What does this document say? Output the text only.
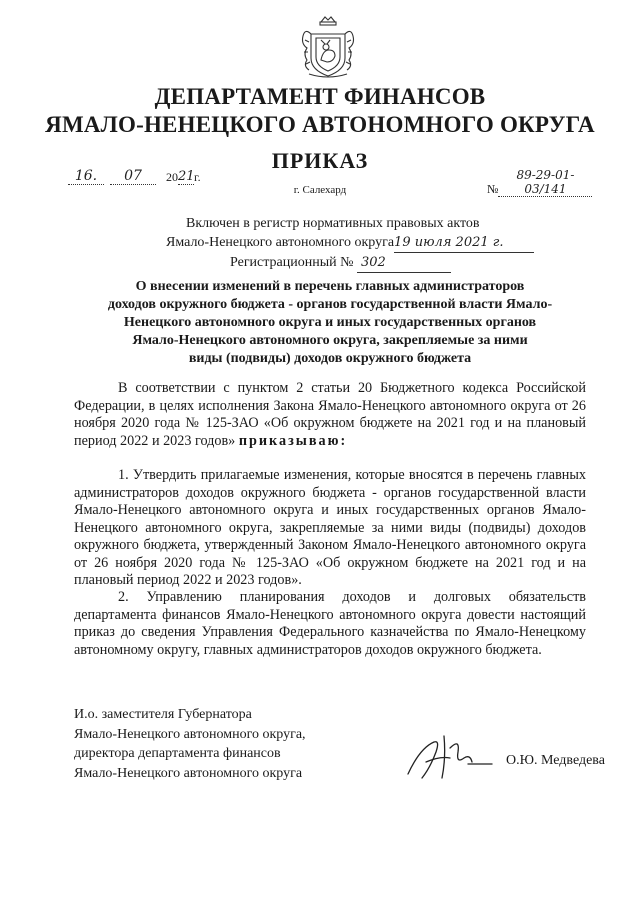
ДЕПАРТАМЕНТ ФИНАНСОВ
ЯМАЛО-НЕНЕЦКОГО АВТОНОМНОГО ОКРУГА
ПРИКАЗ
16.	07	20 21 г.
№
89-29-01-03/141
г. Салехард
Включен в регистр нормативных правовых актов
Ямало-Ненецкого автономного округа19 июля 2021 г.
Регистрационный № 302
О внесении изменений в перечень главных администраторов
доходов окружного бюджета - органов государственной власти Ямало-
Ненецкого автономного округа и иных государственных органов
Ямало-Ненецкого автономного округа, закрепляемые за ними
виды (подвиды) доходов окружного бюджета
В соответствии с пунктом 2 статьи 20 Бюджетного кодекса Российской Федерации, в целях исполнения Закона Ямало-Ненецкого автономного округа от 26 ноября 2020 года № 125-ЗАО «Об окружном бюджете на 2021 год и на плановый период 2022 и 2023 годов» приказываю:
1. Утвердить прилагаемые изменения, которые вносятся в перечень главных администраторов доходов окружного бюджета - органов государственной власти Ямало-Ненецкого автономного округа и иных государственных органов Ямало-Ненецкого автономного округа, закрепляемые за ними виды (подвиды) доходов окружного бюджета, утвержденный Законом Ямало-Ненецкого автономного округа от 26 ноября 2020 года № 125-ЗАО «Об окружном бюджете на 2021 год и на плановый период 2022 и 2023 годов».
2. Управлению планирования доходов и долговых обязательств департамента финансов Ямало-Ненецкого автономного округа довести настоящий приказ до сведения Управления Федерального казначейства по Ямало-Ненецкому автономному округу, главных администраторов доходов окружного бюджета.
И.о. заместителя Губернатора
Ямало-Ненецкого автономного округа,
директора департамента финансов
Ямало-Ненецкого автономного округа
О.Ю. Медведева
